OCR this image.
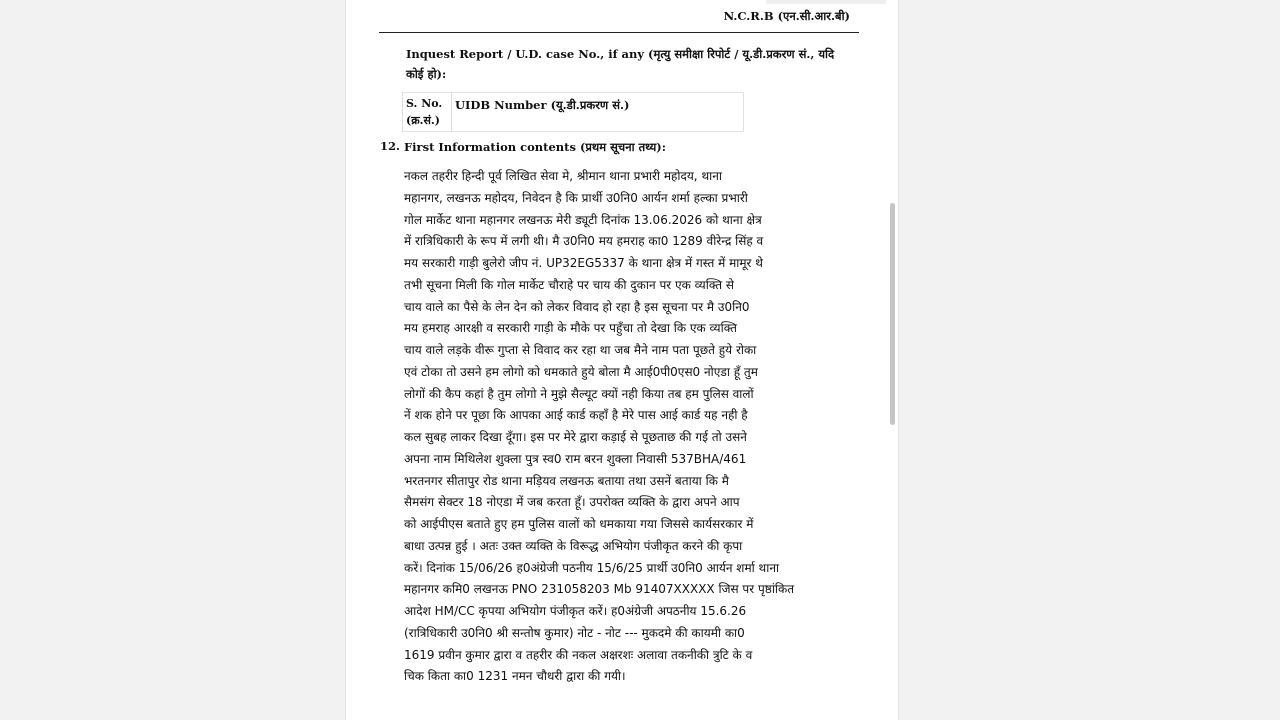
N.C.R.B (एन.सी.आर.बी)
Inquest Report / U.D. case No., if any (मृत्यु समीक्षा रिपोर्ट / यू.डी.प्रकरण सं., यदि कोई हो):
S. No. (क्र.सं.)
UIDB Number (यू.डी.प्रकरण सं.)
12. First Information contents (प्रथम सूचना तथ्य):
नकल तहरीर हिन्दी पूर्व लिखित सेवा मे, श्रीमान थाना प्रभारी महोदय, थाना
महानगर, लखनऊ महोदय, निवेदन है कि प्रार्थी उ0नि0 आर्यन शर्मा हल्का प्रभारी
गोल मार्केट थाना महानगर लखनऊ मेरी ड्यूटी दिनांक 13.06.2026 को थाना क्षेत्र
में रात्रिधिकारी के रूप में लगी थी। मै उ0नि0 मय हमराह का0 1289 वीरेन्द्र सिंह व
मय सरकारी गाड़ी बुलेरो जीप नं. UP32EG5337 के थाना क्षेत्र में गस्त में मामूर थे
तभी सूचना मिली कि गोल मार्केट चौराहे पर चाय की दुकान पर एक व्यक्ति से
चाय वाले का पैसे के लेन देन को लेकर विवाद हो रहा है इस सूचना पर मै उ0नि0
मय हमराह आरक्षी व सरकारी गाड़ी के मौके पर पहुँचा तो देखा कि एक व्यक्ति
चाय वाले लड़के वीरू गुप्ता से विवाद कर रहा था जब मैने नाम पता पूछते हुये रोका
एवं टोका तो उसने हम लोगो को धमकाते हुये बोला मै आई0पी0एस0 नोएडा हूँ तुम
लोगों की कैप कहां है तुम लोगो ने मुझे सैल्यूट क्यों नही किया तब हम पुलिस वालों
नें शक होने पर पूछा कि आपका आई कार्ड कहाँ है मेरे पास आई कार्ड यह नही है
कल सुबह लाकर दिखा दूँगा। इस पर मेरे द्वारा कड़ाई से पूछताछ की गई तो उसने
अपना नाम मिथिलेश शुक्ला पुत्र स्व0 राम बरन शुक्ला निवासी 537BHA/461
भरतनगर सीतापुर रोड थाना मड़ियव लखनऊ बताया तथा उसनें बताया कि मै
सैमसंग सेक्टर 18 नोएडा में जब करता हूँ। उपरोक्त व्यक्ति के द्वारा अपने आप
को आईपीएस बताते हुए हम पुलिस वालों को धमकाया गया जिससे कार्यसरकार में
बाधा उत्पन्न हुई । अतः उक्त व्यक्ति के विरूद्ध अभियोग पंजीकृत करने की कृपा
करें। दिनांक 15/06/26 ह0अंग्रेजी पठनीय 15/6/25 प्रार्थी उ0नि0 आर्यन शर्मा थाना
महानगर कमि0 लखनऊ PNO 231058203 Mb 91407XXXXX जिस पर पृष्ठांकित
आदेश HM/CC कृपया अभियोग पंजीकृत करें। ह0अंग्रेजी अपठनीय 15.6.26
(रात्रिधिकारी उ0नि0 श्री सन्तोष कुमार) नोट - नोट --- मुकदमे की कायमी का0
1619 प्रवीन कुमार द्वारा व तहरीर की नकल अक्षरशः अलावा तकनीकी त्रुटि के व
चिक किता का0 1231 नमन चौधरी द्वारा की गयी।
